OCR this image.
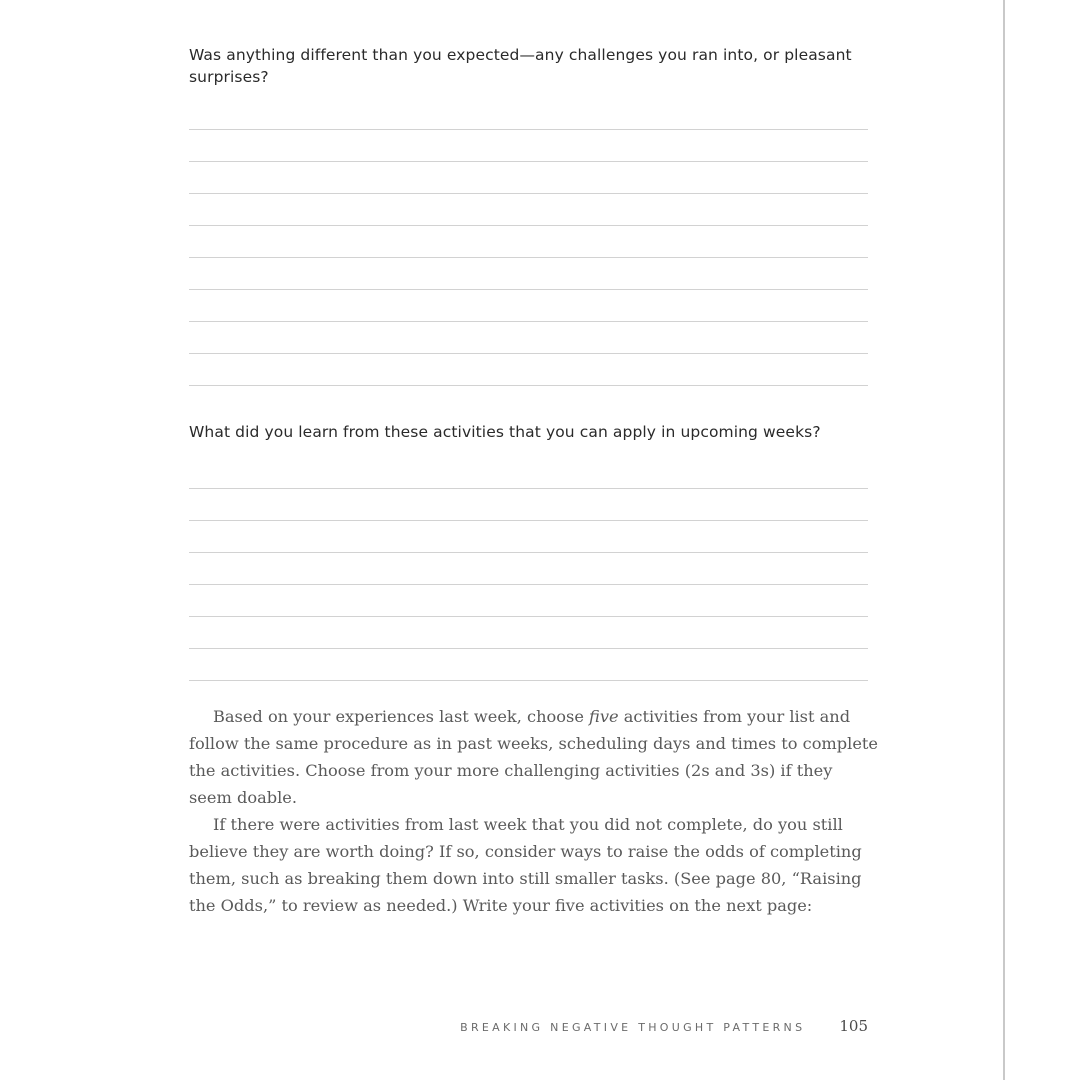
Was anything different than you expected—any challenges you ran into, or pleasant surprises?

What did you learn from these activities that you can apply in upcoming weeks?

Based on your experiences last week, choose five activities from your list and follow the same procedure as in past weeks, scheduling days and times to complete the activities. Choose from your more challenging activities (2s and 3s) if they seem doable.

If there were activities from last week that you did not complete, do you still believe they are worth doing? If so, consider ways to raise the odds of completing them, such as breaking them down into still smaller tasks. (See page 80, “Raising the Odds,” to review as needed.) Write your five activities on the next page:

BREAKING NEGATIVE THOUGHT PATTERNS 105
